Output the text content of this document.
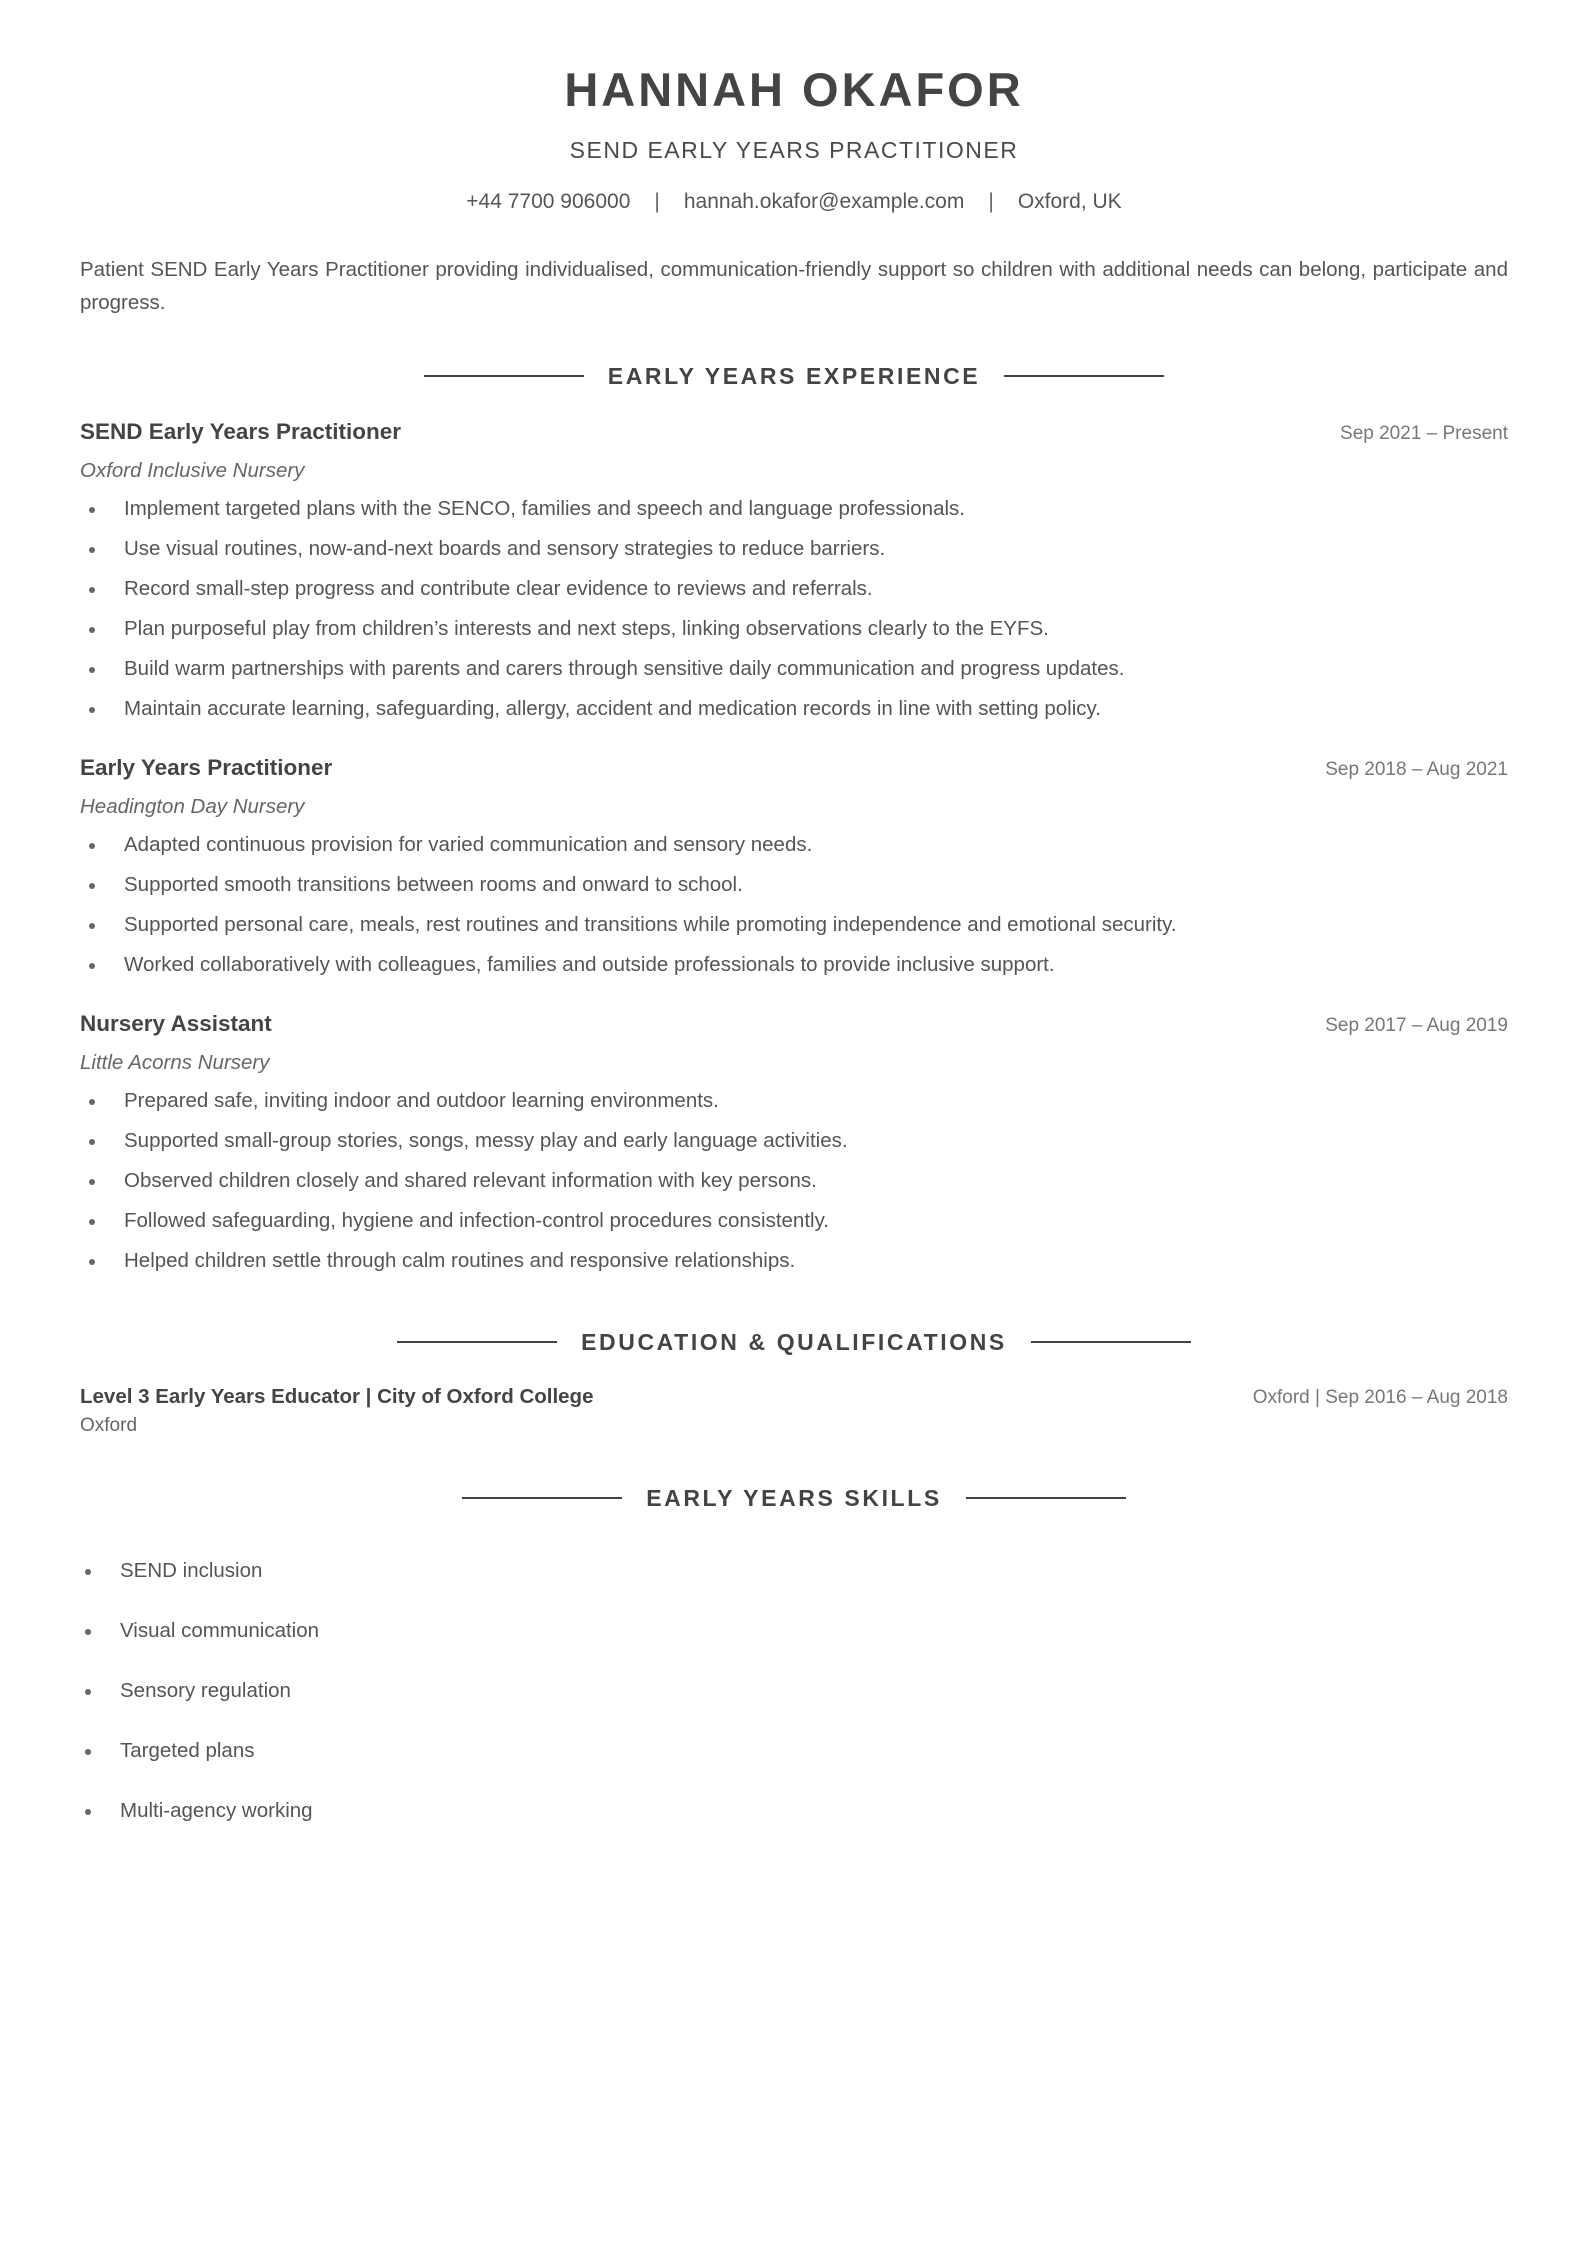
HANNAH OKAFOR
SEND EARLY YEARS PRACTITIONER
+44 7700 906000 | hannah.okafor@example.com | Oxford, UK

Patient SEND Early Years Practitioner providing individualised, communication-friendly support so children with additional needs can belong, participate and progress.

EARLY YEARS EXPERIENCE
SEND Early Years Practitioner	Sep 2021 – Present
Oxford Inclusive Nursery
Implement targeted plans with the SENCO, families and speech and language professionals.
Use visual routines, now-and-next boards and sensory strategies to reduce barriers.
Record small-step progress and contribute clear evidence to reviews and referrals.
Plan purposeful play from children’s interests and next steps, linking observations clearly to the EYFS.
Build warm partnerships with parents and carers through sensitive daily communication and progress updates.
Maintain accurate learning, safeguarding, allergy, accident and medication records in line with setting policy.
Early Years Practitioner	Sep 2018 – Aug 2021
Headington Day Nursery
Adapted continuous provision for varied communication and sensory needs.
Supported smooth transitions between rooms and onward to school.
Supported personal care, meals, rest routines and transitions while promoting independence and emotional security.
Worked collaboratively with colleagues, families and outside professionals to provide inclusive support.
Nursery Assistant	Sep 2017 – Aug 2019
Little Acorns Nursery
Prepared safe, inviting indoor and outdoor learning environments.
Supported small-group stories, songs, messy play and early language activities.
Observed children closely and shared relevant information with key persons.
Followed safeguarding, hygiene and infection-control procedures consistently.
Helped children settle through calm routines and responsive relationships.
EDUCATION & QUALIFICATIONS
Level 3 Early Years Educator | City of Oxford College	Oxford | Sep 2016 – Aug 2018
Oxford
EARLY YEARS SKILLS
SEND inclusion
Visual communication
Sensory regulation
Targeted plans
Multi-agency working
